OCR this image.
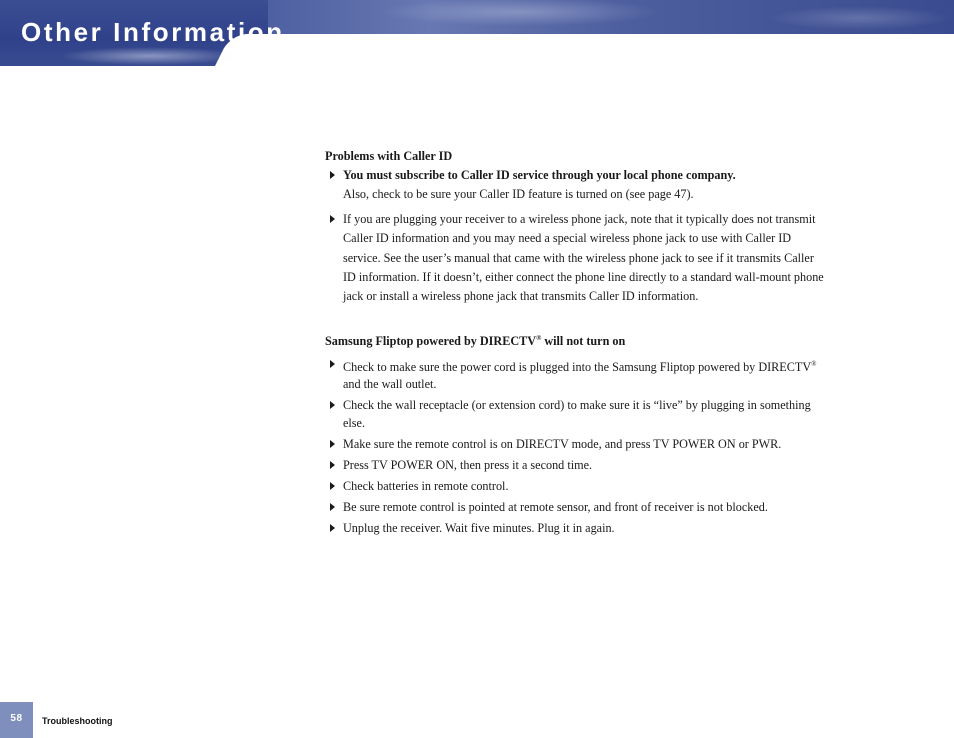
Other Information

Problems with Caller ID

You must subscribe to Caller ID service through your local phone company.
Also, check to be sure your Caller ID feature is turned on (see page 47).
If you are plugging your receiver to a wireless phone jack, note that it typically does not transmit Caller ID information and you may need a special wireless phone jack to use with Caller ID service. See the user’s manual that came with the wireless phone jack to see if it transmits Caller ID information. If it doesn’t, either connect the phone line directly to a standard wall-mount phone jack or install a wireless phone jack that transmits Caller ID information.

Samsung Fliptop powered by DIRECTV® will not turn on

Check to make sure the power cord is plugged into the Samsung Fliptop powered by DIRECTV® and the wall outlet.
Check the wall receptacle (or extension cord) to make sure it is “live” by plugging in something else.
Make sure the remote control is on DIRECTV mode, and press TV POWER ON or PWR.
Press TV POWER ON, then press it a second time.
Check batteries in remote control.
Be sure remote control is pointed at remote sensor, and front of receiver is not blocked.
Unplug the receiver. Wait five minutes. Plug it in again.
58	Troubleshooting
